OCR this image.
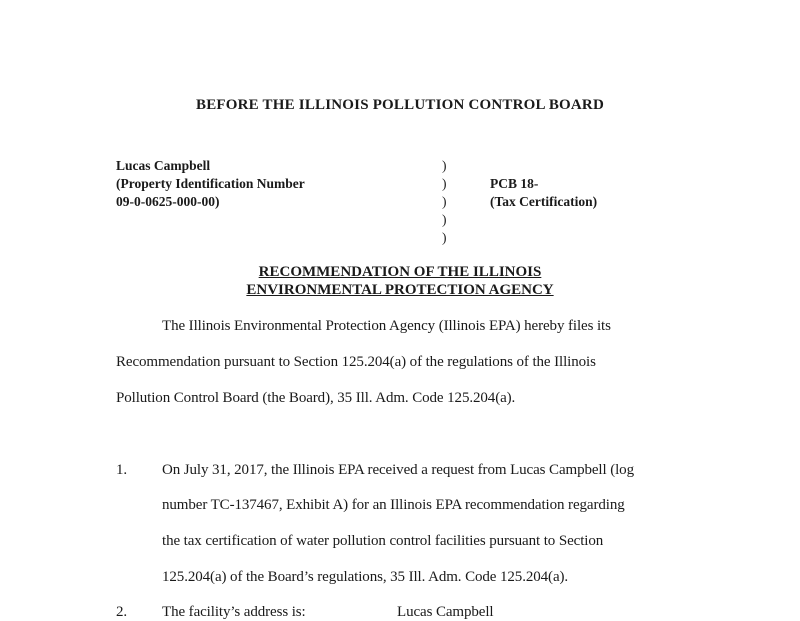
BEFORE THE ILLINOIS POLLUTION CONTROL BOARD
Lucas Campbell
(Property Identification Number
09-0-0625-000-00)
)
)
)
)
)
PCB 18-
(Tax Certification)
RECOMMENDATION OF THE ILLINOIS
ENVIRONMENTAL PROTECTION AGENCY
The Illinois Environmental Protection Agency (Illinois EPA) hereby files its
Recommendation pursuant to Section 125.204(a) of the regulations of the Illinois
Pollution Control Board (the Board), 35 Ill. Adm. Code 125.204(a).
1. On July 31, 2017, the Illinois EPA received a request from Lucas Campbell (log
number TC-137467, Exhibit A) for an Illinois EPA recommendation regarding
the tax certification of water pollution control facilities pursuant to Section
125.204(a) of the Board’s regulations, 35 Ill. Adm. Code 125.204(a).
2. The facility’s address is:	Lucas Campbell
